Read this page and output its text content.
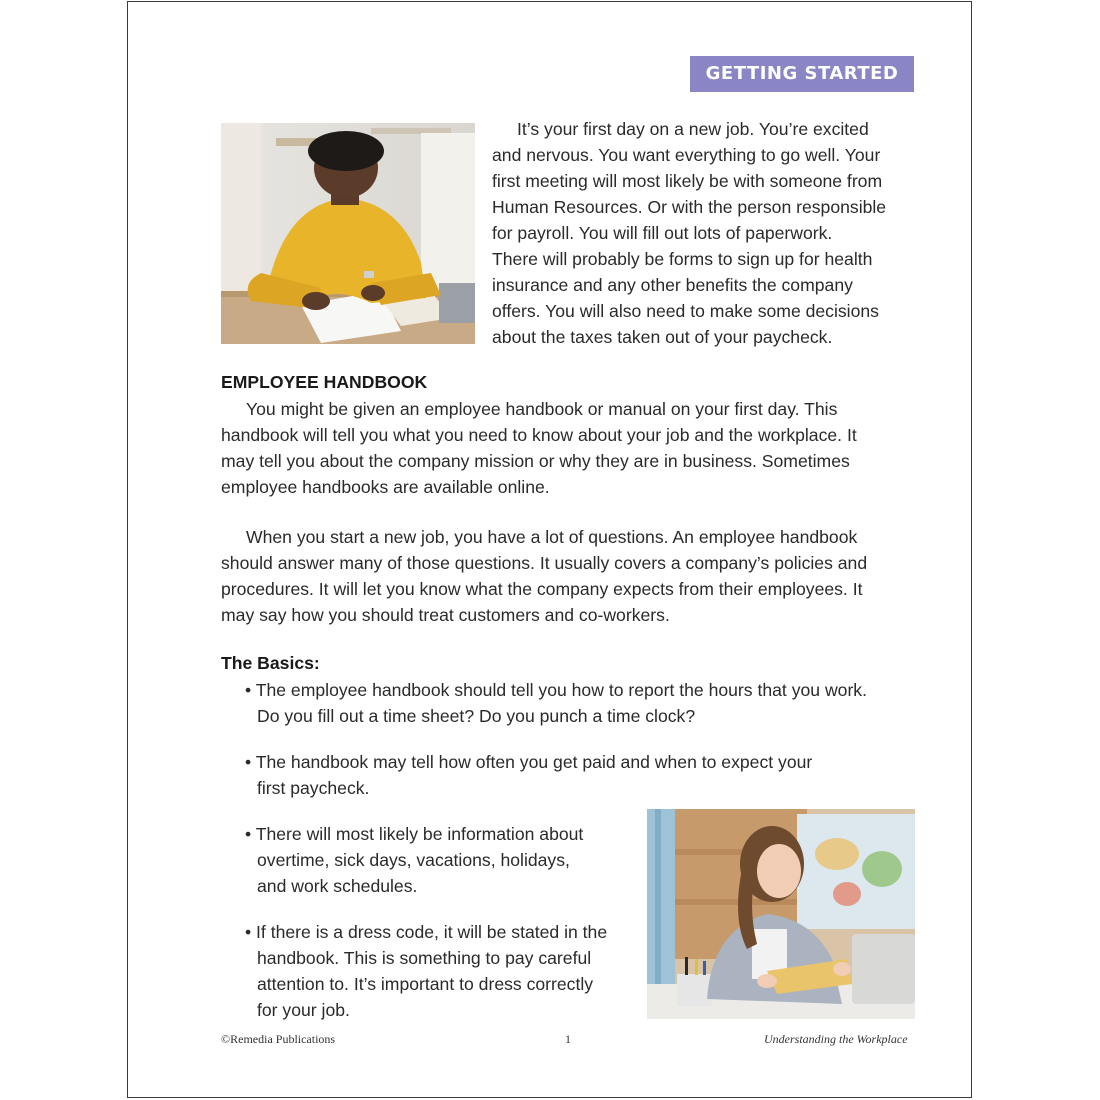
GETTING STARTED
It’s your first day on a new job. You’re excited
and nervous. You want everything to go well. Your
first meeting will most likely be with someone from
Human Resources. Or with the person responsible
for payroll. You will fill out lots of paperwork.
There will probably be forms to sign up for health
insurance and any other benefits the company
offers. You will also need to make some decisions
about the taxes taken out of your paycheck.
EMPLOYEE HANDBOOK
You might be given an employee handbook or manual on your first day. This
handbook will tell you what you need to know about your job and the workplace. It
may tell you about the company mission or why they are in business. Sometimes
employee handbooks are available online.
When you start a new job, you have a lot of questions. An employee handbook
should answer many of those questions. It usually covers a company’s policies and
procedures. It will let you know what the company expects from their employees. It
may say how you should treat customers and co-workers.
The Basics:
• The employee handbook should tell you how to report the hours that you work.
Do you fill out a time sheet? Do you punch a time clock?
• The handbook may tell how often you get paid and when to expect your
first paycheck.
• There will most likely be information about
overtime, sick days, vacations, holidays,
and work schedules.
• If there is a dress code, it will be stated in the
handbook. This is something to pay careful
attention to. It’s important to dress correctly
for your job.
©Remedia Publications	1	Understanding the Workplace
